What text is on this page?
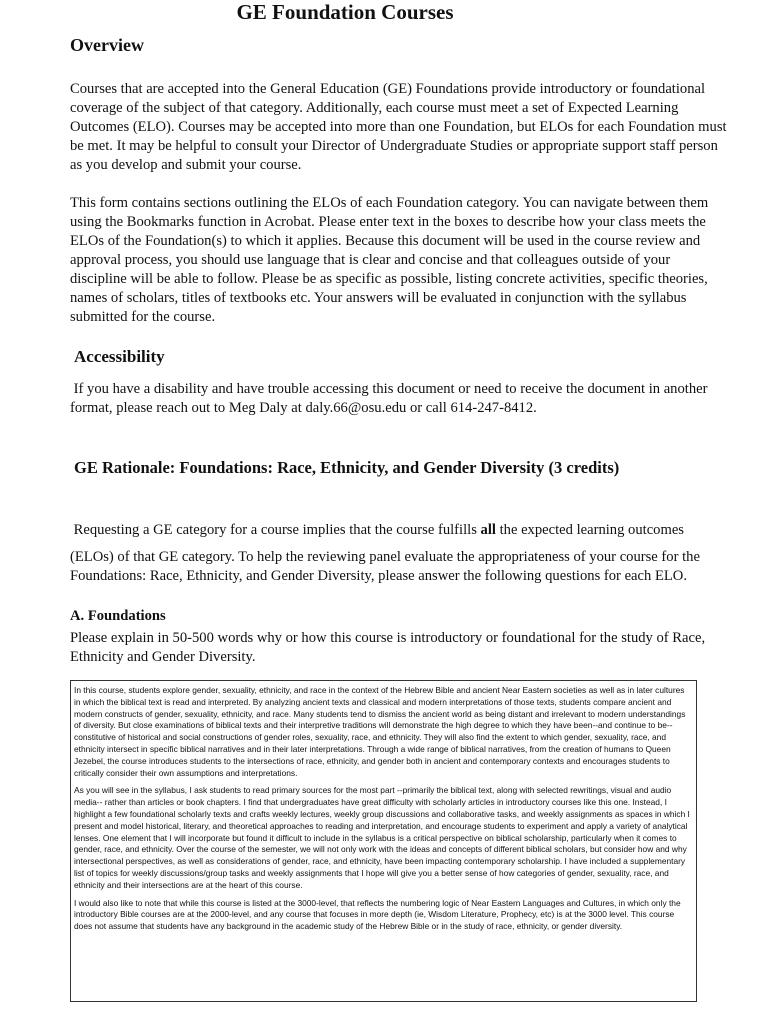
GE Foundation Courses
Overview
Courses that are accepted into the General Education (GE) Foundations provide introductory or foundational coverage of the subject of that category. Additionally, each course must meet a set of Expected Learning Outcomes (ELO). Courses may be accepted into more than one Foundation, but ELOs for each Foundation must be met. It may be helpful to consult your Director of Undergraduate Studies or appropriate support staff person as you develop and submit your course.
This form contains sections outlining the ELOs of each Foundation category. You can navigate between them using the Bookmarks function in Acrobat. Please enter text in the boxes to describe how your class meets the ELOs of the Foundation(s) to which it applies. Because this document will be used in the course review and approval process, you should use language that is clear and concise and that colleagues outside of your discipline will be able to follow. Please be as specific as possible, listing concrete activities, specific theories, names of scholars, titles of textbooks etc. Your answers will be evaluated in conjunction with the syllabus submitted for the course.
Accessibility
If you have a disability and have trouble accessing this document or need to receive the document in another format, please reach out to Meg Daly at daly.66@osu.edu or call 614-247-8412.
GE Rationale: Foundations: Race, Ethnicity, and Gender Diversity (3 credits)
Requesting a GE category for a course implies that the course fulfills all the expected learning outcomes
(ELOs) of that GE category. To help the reviewing panel evaluate the appropriateness of your course for the Foundations: Race, Ethnicity, and Gender Diversity, please answer the following questions for each ELO.
A. Foundations
Please explain in 50-500 words why or how this course is introductory or foundational for the study of Race, Ethnicity and Gender Diversity.

In this course, students explore gender, sexuality, ethnicity, and race in the context of the Hebrew Bible and ancient Near Eastern societies as well as in later cultures in which the biblical text is read and interpreted. By analyzing ancient texts and classical and modern interpretations of those texts, students compare ancient and modern constructs of gender, sexuality, ethnicity, and race. Many students tend to dismiss the ancient world as being distant and irrelevant to modern understandings of diversity. But close examinations of biblical texts and their interpretive traditions will demonstrate the high degree to which they have been--and continue to be--constitutive of historical and social constructions of gender roles, sexuality, race, and ethnicity. They will also find the extent to which gender, sexuality, race, and ethnicity intersect in specific biblical narratives and in their later interpretations. Through a wide range of biblical narratives, from the creation of humans to Queen Jezebel, the course introduces students to the intersections of race, ethnicity, and gender both in ancient and contemporary contexts and encourages students to critically consider their own assumptions and interpretations.

As you will see in the syllabus, I ask students to read primary sources for the most part --primarily the biblical text, along with selected rewritings, visual and audio media-- rather than articles or book chapters. I find that undergraduates have great difficulty with scholarly articles in introductory courses like this one. Instead, I highlight a few foundational scholarly texts and crafts weekly lectures, weekly group discussions and collaborative tasks, and weekly assignments as spaces in which I present and model historical, literary, and theoretical approaches to reading and interpretation, and encourage students to experiment and apply a variety of analytical lenses. One element that I will incorporate but found it difficult to include in the syllabus is a critical perspective on biblical scholarship, particularly when it comes to gender, race, and ethnicity. Over the course of the semester, we will not only work with the ideas and concepts of different biblical scholars, but consider how and why intersectional perspectives, as well as considerations of gender, race, and ethnicity, have been impacting contemporary scholarship. I have included a supplementary list of topics for weekly discussions/group tasks and weekly assignments that I hope will give you a better sense of how categories of gender, sexuality, race, and ethnicity and their intersections are at the heart of this course.

I would also like to note that while this course is listed at the 3000-level, that reflects the numbering logic of Near Eastern Languages and Cultures, in which only the introductory Bible courses are at the 2000-level, and any course that focuses in more depth (ie, Wisdom Literature, Prophecy, etc) is at the 3000 level. This course does not assume that students have any background in the academic study of the Hebrew Bible or in the study of race, ethnicity, or gender diversity.
